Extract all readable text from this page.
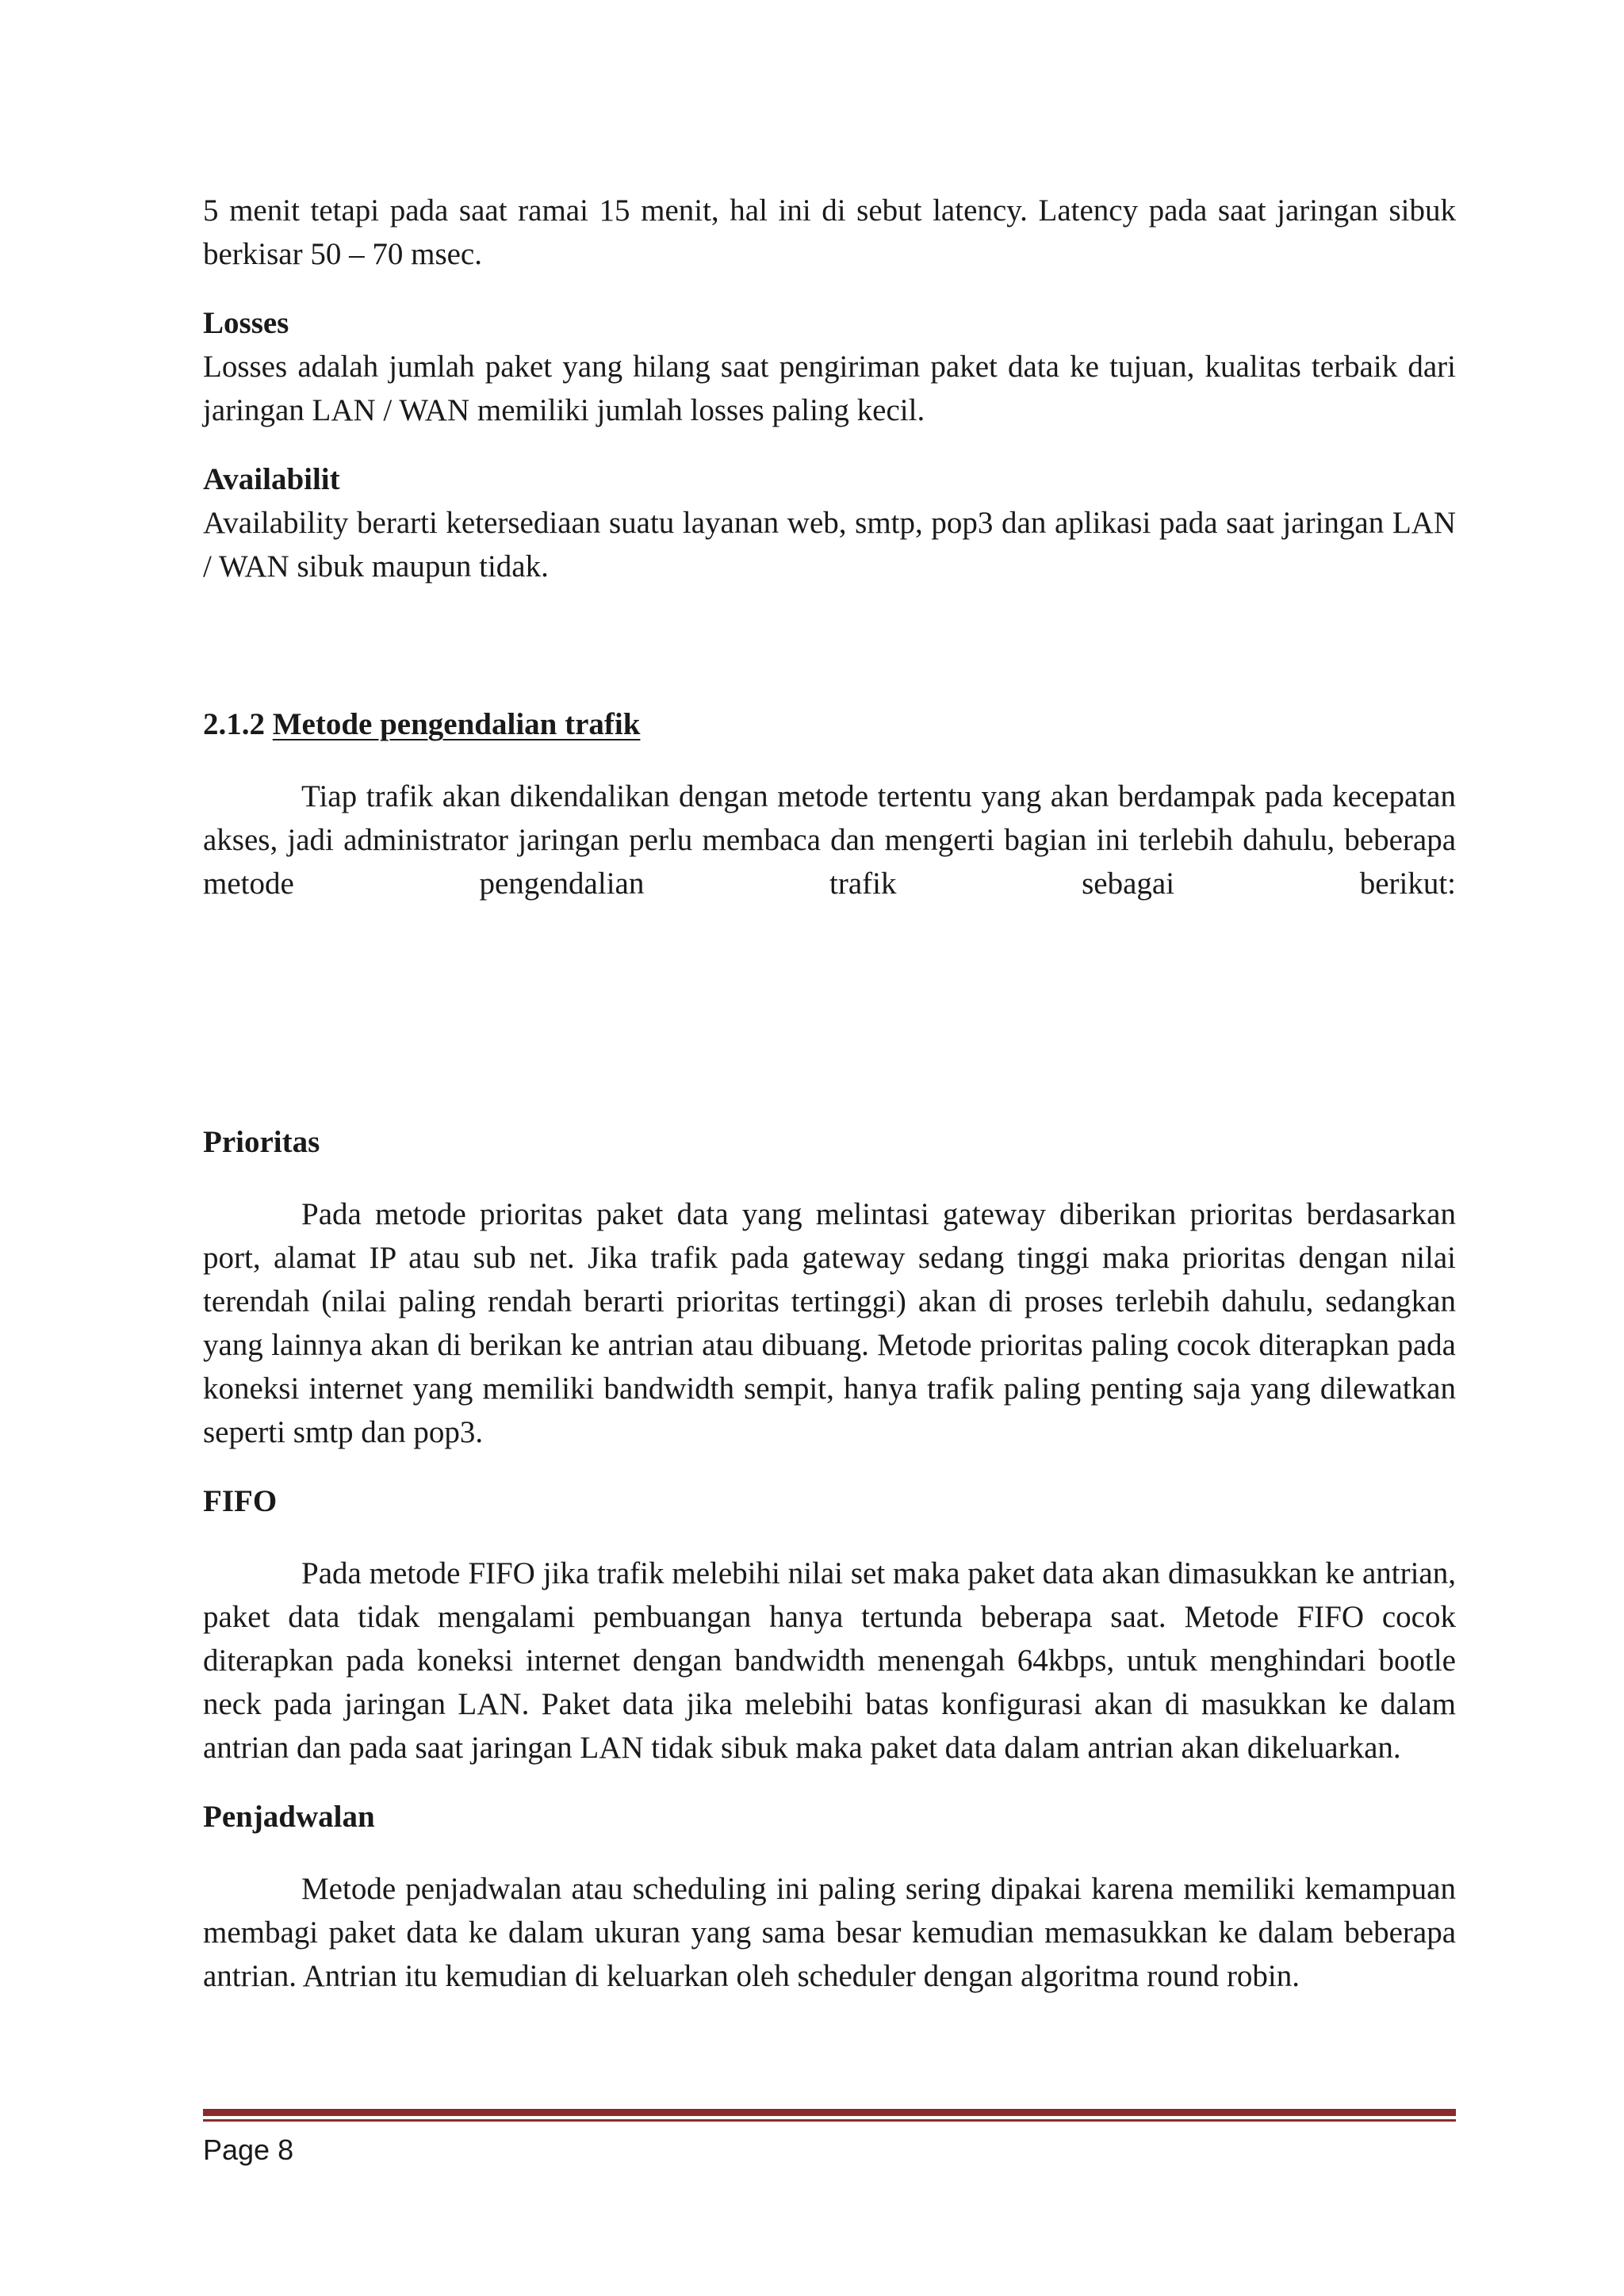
5 menit tetapi pada saat ramai 15 menit, hal ini di sebut latency. Latency pada saat jaringan sibuk berkisar 50 – 70 msec.

Losses

Losses adalah jumlah paket yang hilang saat pengiriman paket data ke tujuan, kualitas terbaik dari jaringan LAN / WAN memiliki jumlah losses paling kecil.

Availabilit

Availability berarti ketersediaan suatu layanan web, smtp, pop3 dan aplikasi pada saat jaringan LAN / WAN sibuk maupun tidak.

2.1.2 Metode pengendalian trafik

Tiap trafik akan dikendalikan dengan metode tertentu yang akan berdampak pada kecepatan akses, jadi administrator jaringan perlu membaca dan mengerti bagian ini terlebih dahulu, beberapa metode pengendalian trafik sebagai berikut:

Prioritas

Pada metode prioritas paket data yang melintasi gateway diberikan prioritas berdasarkan port, alamat IP atau sub net. Jika trafik pada gateway sedang tinggi maka prioritas dengan nilai terendah (nilai paling rendah berarti prioritas tertinggi) akan di proses terlebih dahulu, sedangkan yang lainnya akan di berikan ke antrian atau dibuang. Metode prioritas paling cocok diterapkan pada koneksi internet yang memiliki bandwidth sempit, hanya trafik paling penting saja yang dilewatkan seperti smtp dan pop3.

FIFO

Pada metode FIFO jika trafik melebihi nilai set maka paket data akan dimasukkan ke antrian, paket data tidak mengalami pembuangan hanya tertunda beberapa saat. Metode FIFO cocok diterapkan pada koneksi internet dengan bandwidth menengah 64kbps, untuk menghindari bootle neck pada jaringan LAN. Paket data jika melebihi batas konfigurasi akan di masukkan ke dalam antrian dan pada saat jaringan LAN tidak sibuk maka paket data dalam antrian akan dikeluarkan.

Penjadwalan

Metode penjadwalan atau scheduling ini paling sering dipakai karena memiliki kemampuan membagi paket data ke dalam ukuran yang sama besar kemudian memasukkan ke dalam beberapa antrian. Antrian itu kemudian di keluarkan oleh scheduler dengan algoritma round robin.

Page 8
